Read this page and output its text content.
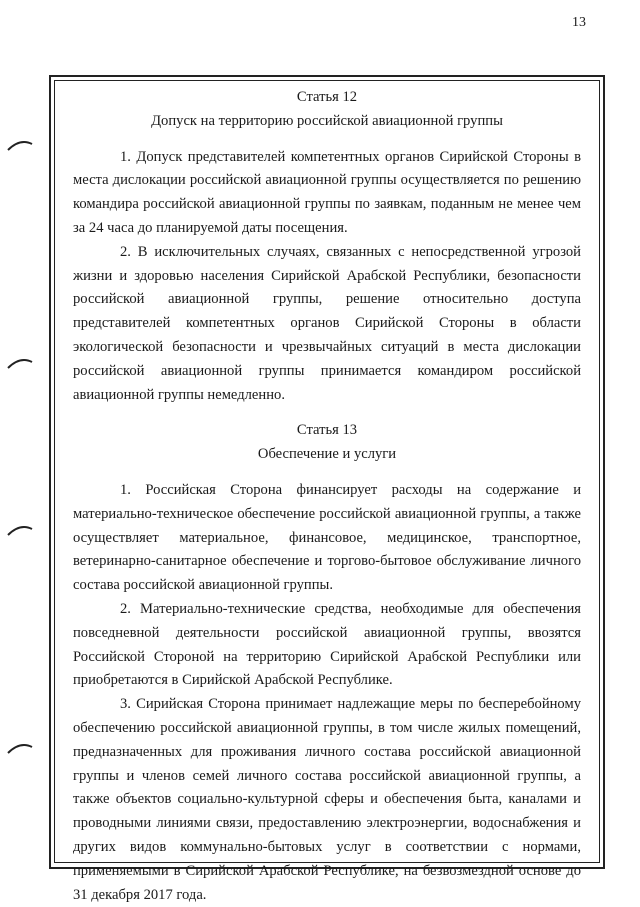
13

Статья 12

Допуск на территорию российской авиационной группы

1. Допуск представителей компетентных органов Сирийской Стороны в места дислокации российской авиационной группы осуществляется по решению командира российской авиационной группы по заявкам, поданным не менее чем за 24 часа до планируемой даты посещения.

2. В исключительных случаях, связанных с непосредственной угрозой жизни и здоровью населения Сирийской Арабской Республики, безопасности российской авиационной группы, решение относительно доступа представителей компетентных органов Сирийской Стороны в области экологической безопасности и чрезвычайных ситуаций в места дислокации российской авиационной группы принимается командиром российской авиационной группы немедленно.

Статья 13

Обеспечение и услуги

1. Российская Сторона финансирует расходы на содержание и материально-техническое обеспечение российской авиационной группы, а также осуществляет материальное, финансовое, медицинское, транспортное, ветеринарно-санитарное обеспечение и торгово-бытовое обслуживание личного состава российской авиационной группы.

2. Материально-технические средства, необходимые для обеспечения повседневной деятельности российской авиационной группы, ввозятся Российской Стороной на территорию Сирийской Арабской Республики или приобретаются в Сирийской Арабской Республике.

3. Сирийская Сторона принимает надлежащие меры по бесперебойному обеспечению российской авиационной группы, в том числе жилых помещений, предназначенных для проживания личного состава российской авиационной группы и членов семей личного состава российской авиационной группы, а также объектов социально-культурной сферы и обеспечения быта, каналами и проводными линиями связи, предоставлению электроэнергии, водоснабжения и других видов коммунально-бытовых услуг в соответствии с нормами, применяемыми в Сирийской Арабской Республике, на безвозмездной основе до 31 декабря 2017 года.
